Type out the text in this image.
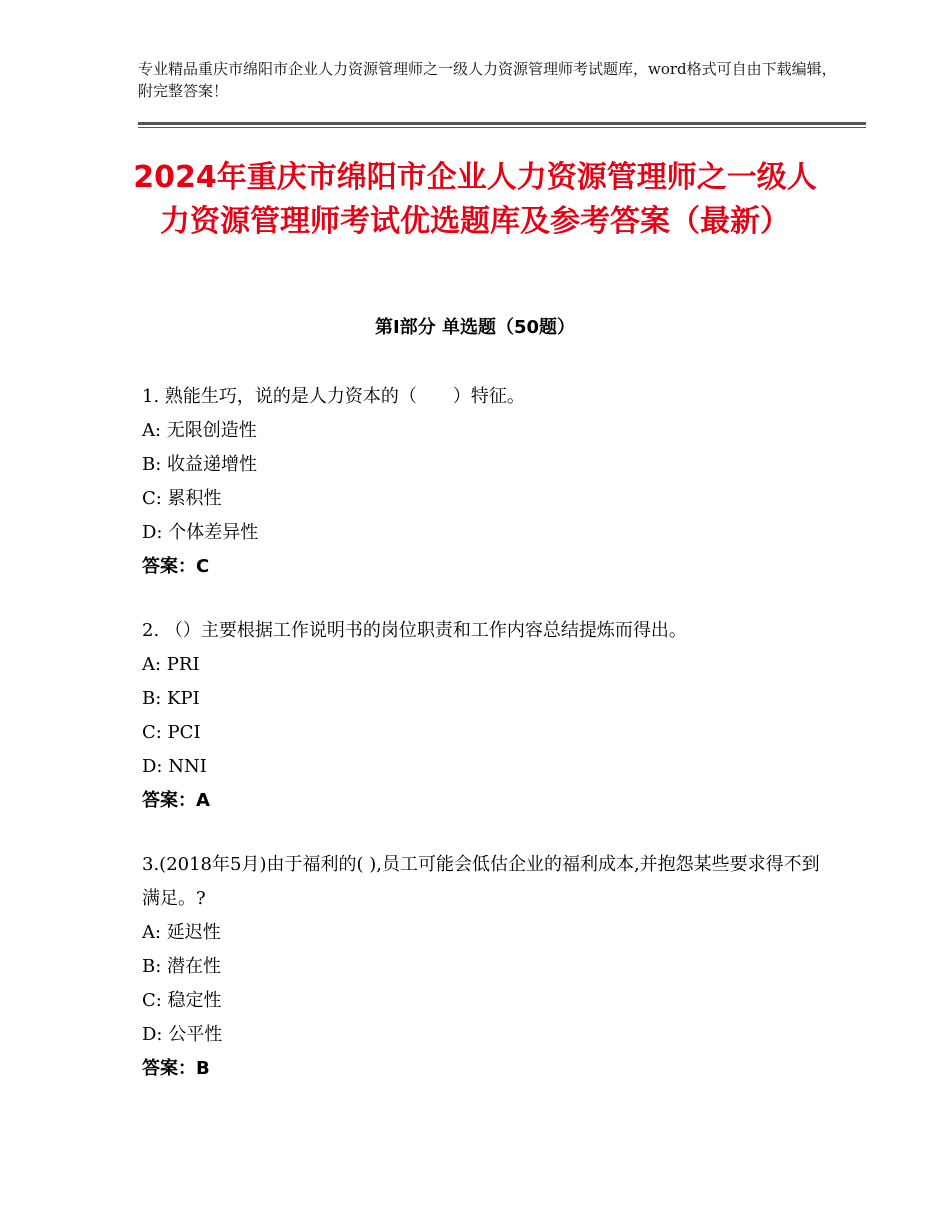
专业精品重庆市绵阳市企业人力资源管理师之一级人力资源管理师考试题库，word格式可自由下载编辑，附完整答案！
2024年重庆市绵阳市企业人力资源管理师之一级人力资源管理师考试优选题库及参考答案（最新）
第Ⅰ部分 单选题（50题）
1. 熟能生巧，说的是人力资本的（　　）特征。
A: 无限创造性
B: 收益递增性
C: 累积性
D: 个体差异性
答案：C
2. （）主要根据工作说明书的岗位职责和工作内容总结提炼而得出。
A: PRI
B: KPI
C: PCI
D: NNI
答案：A
3.(2018年5月)由于福利的( ),员工可能会低估企业的福利成本,并抱怨某些要求得不到满足。?
A: 延迟性
B: 潜在性
C: 稳定性
D: 公平性
答案：B
